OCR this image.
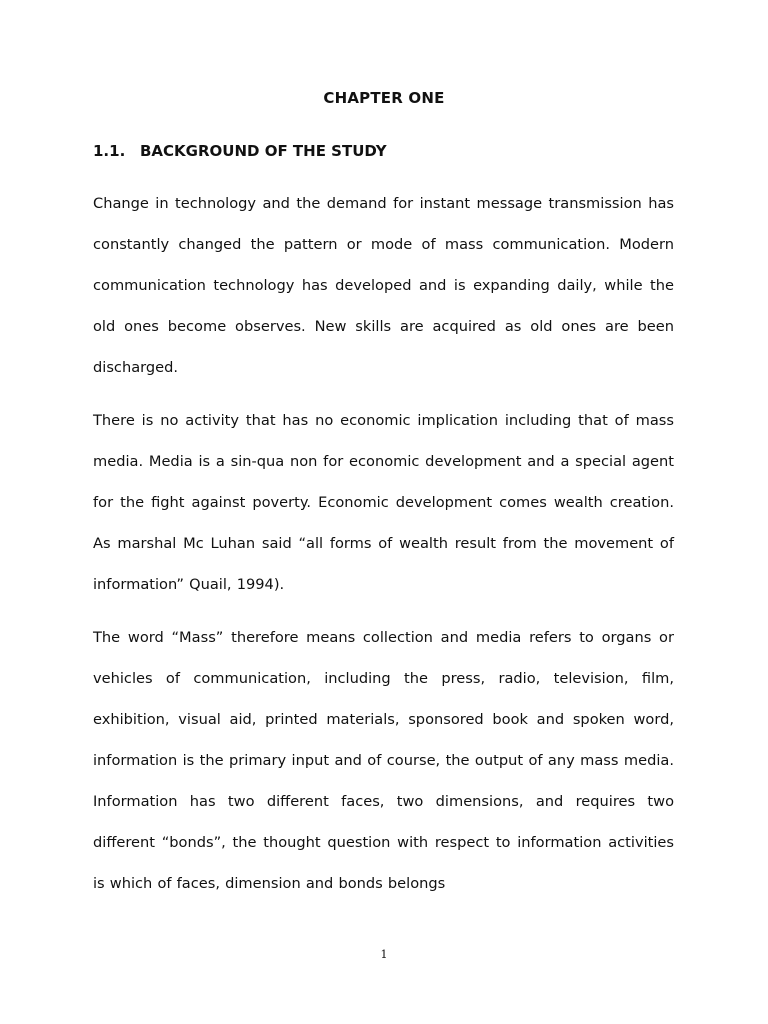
CHAPTER ONE
1.1. BACKGROUND OF THE STUDY

Change in technology and the demand for instant message transmission has constantly changed the pattern or mode of mass communication. Modern communication technology has developed and is expanding daily, while the old ones become observes. New skills are acquired as old ones are been discharged.

There is no activity that has no economic implication including that of mass media. Media is a sin-qua non for economic development and a special agent for the fight against poverty. Economic development comes wealth creation. As marshal Mc Luhan said “all forms of wealth result from the movement of information” Quail, 1994).

The word “Mass” therefore means collection and media refers to organs or vehicles of communication, including the press, radio, television, film, exhibition, visual aid, printed materials, sponsored book and spoken word, information is the primary input and of course, the output of any mass media. Information has two different faces, two dimensions, and requires two different “bonds”, the thought question with respect to information activities is which of faces, dimension and bonds belongs

1
